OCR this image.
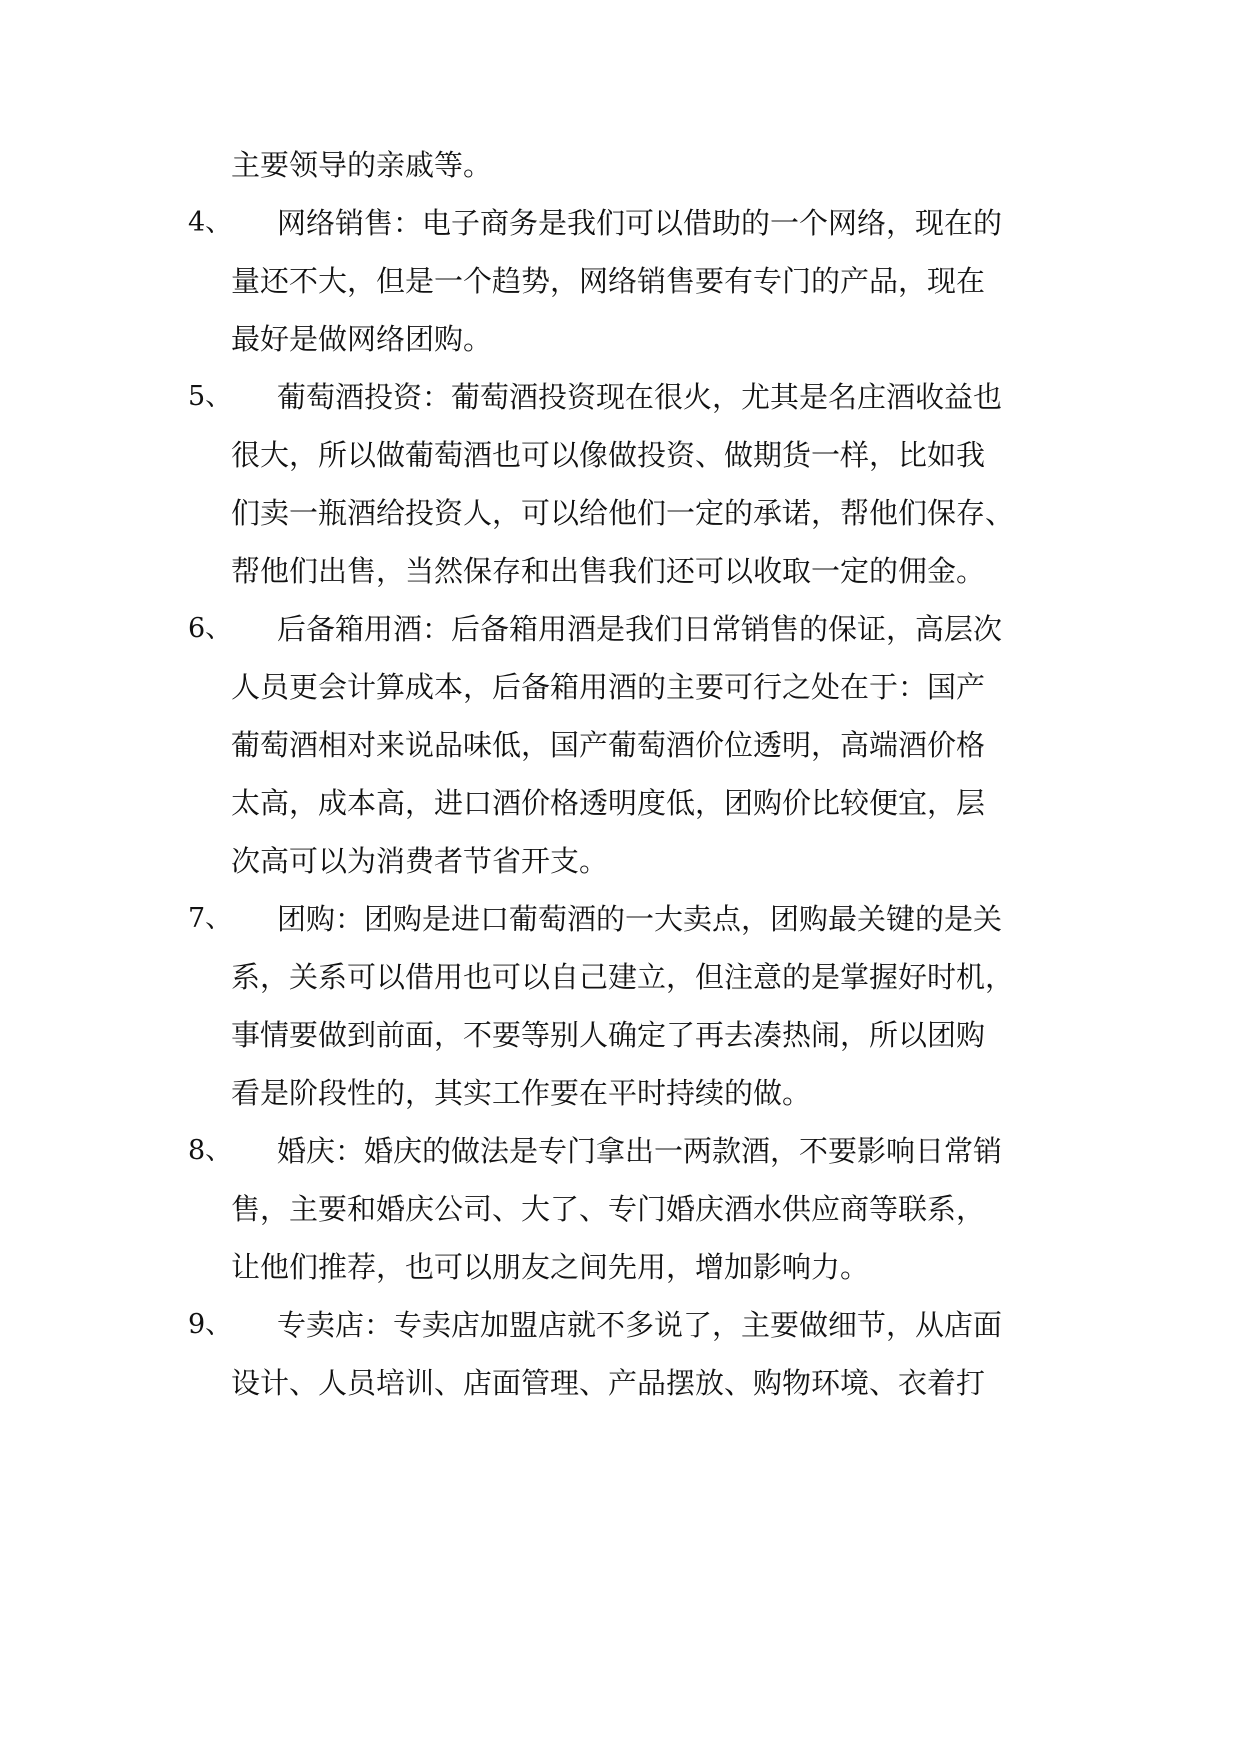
主要领导的亲戚等。
4、 网络销售：电子商务是我们可以借助的一个网络，现在的
量还不大，但是一个趋势，网络销售要有专门的产品，现在
最好是做网络团购。
5、 葡萄酒投资：葡萄酒投资现在很火，尤其是名庄酒收益也
很大，所以做葡萄酒也可以像做投资、做期货一样，比如我
们卖一瓶酒给投资人，可以给他们一定的承诺，帮他们保存、
帮他们出售，当然保存和出售我们还可以收取一定的佣金。
6、 后备箱用酒：后备箱用酒是我们日常销售的保证，高层次
人员更会计算成本，后备箱用酒的主要可行之处在于：国产
葡萄酒相对来说品味低，国产葡萄酒价位透明，高端酒价格
太高，成本高，进口酒价格透明度低，团购价比较便宜，层
次高可以为消费者节省开支。
7、 团购：团购是进口葡萄酒的一大卖点，团购最关键的是关
系，关系可以借用也可以自己建立，但注意的是掌握好时机，
事情要做到前面，不要等别人确定了再去凑热闹，所以团购
看是阶段性的，其实工作要在平时持续的做。
8、 婚庆：婚庆的做法是专门拿出一两款酒，不要影响日常销
售，主要和婚庆公司、大了、专门婚庆酒水供应商等联系，
让他们推荐，也可以朋友之间先用，增加影响力。
9、 专卖店：专卖店加盟店就不多说了，主要做细节，从店面
设计、人员培训、店面管理、产品摆放、购物环境、衣着打
